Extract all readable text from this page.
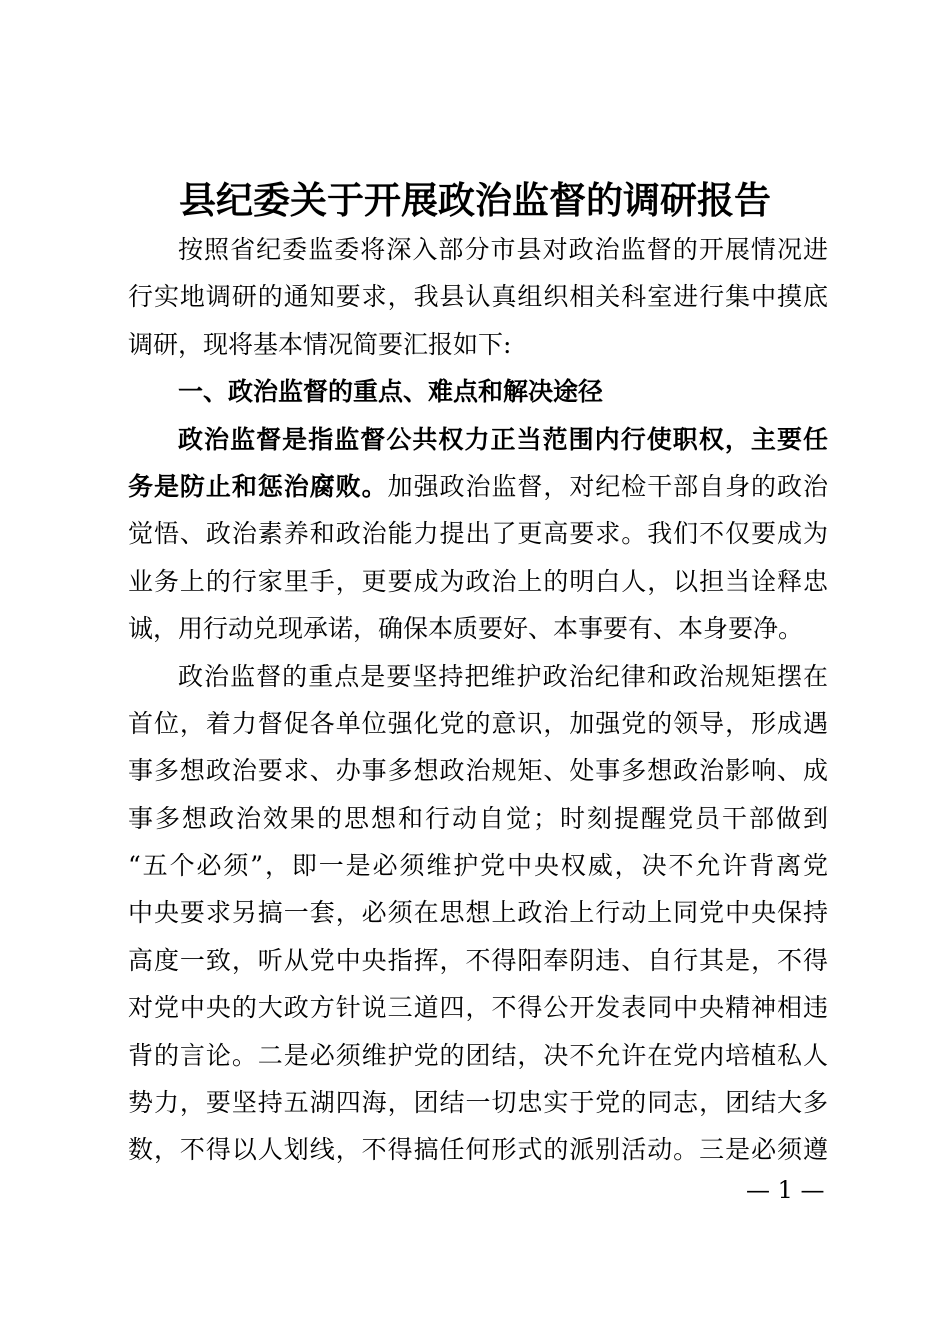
县纪委关于开展政治监督的调研报告
按照省纪委监委将深入部分市县对政治监督的开展情况进
行实地调研的通知要求，我县认真组织相关科室进行集中摸底
调研，现将基本情况简要汇报如下:
一、政治监督的重点、难点和解决途径
政治监督是指监督公共权力正当范围内行使职权，主要任
务是防止和惩治腐败。加强政治监督，对纪检干部自身的政治
觉悟、政治素养和政治能力提出了更高要求。我们不仅要成为
业务上的行家里手，更要成为政治上的明白人，以担当诠释忠
诚，用行动兑现承诺，确保本质要好、本事要有、本身要净。
政治监督的重点是要坚持把维护政治纪律和政治规矩摆在
首位，着力督促各单位强化党的意识，加强党的领导，形成遇
事多想政治要求、办事多想政治规矩、处事多想政治影响、成
事多想政治效果的思想和行动自觉；时刻提醒党员干部做到
“五个必须”，即一是必须维护党中央权威，决不允许背离党
中央要求另搞一套，必须在思想上政治上行动上同党中央保持
高度一致，听从党中央指挥，不得阳奉阴违、自行其是，不得
对党中央的大政方针说三道四，不得公开发表同中央精神相违
背的言论。二是必须维护党的团结，决不允许在党内培植私人
势力，要坚持五湖四海，团结一切忠实于党的同志，团结大多
数，不得以人划线，不得搞任何形式的派别活动。三是必须遵
— 1 —
